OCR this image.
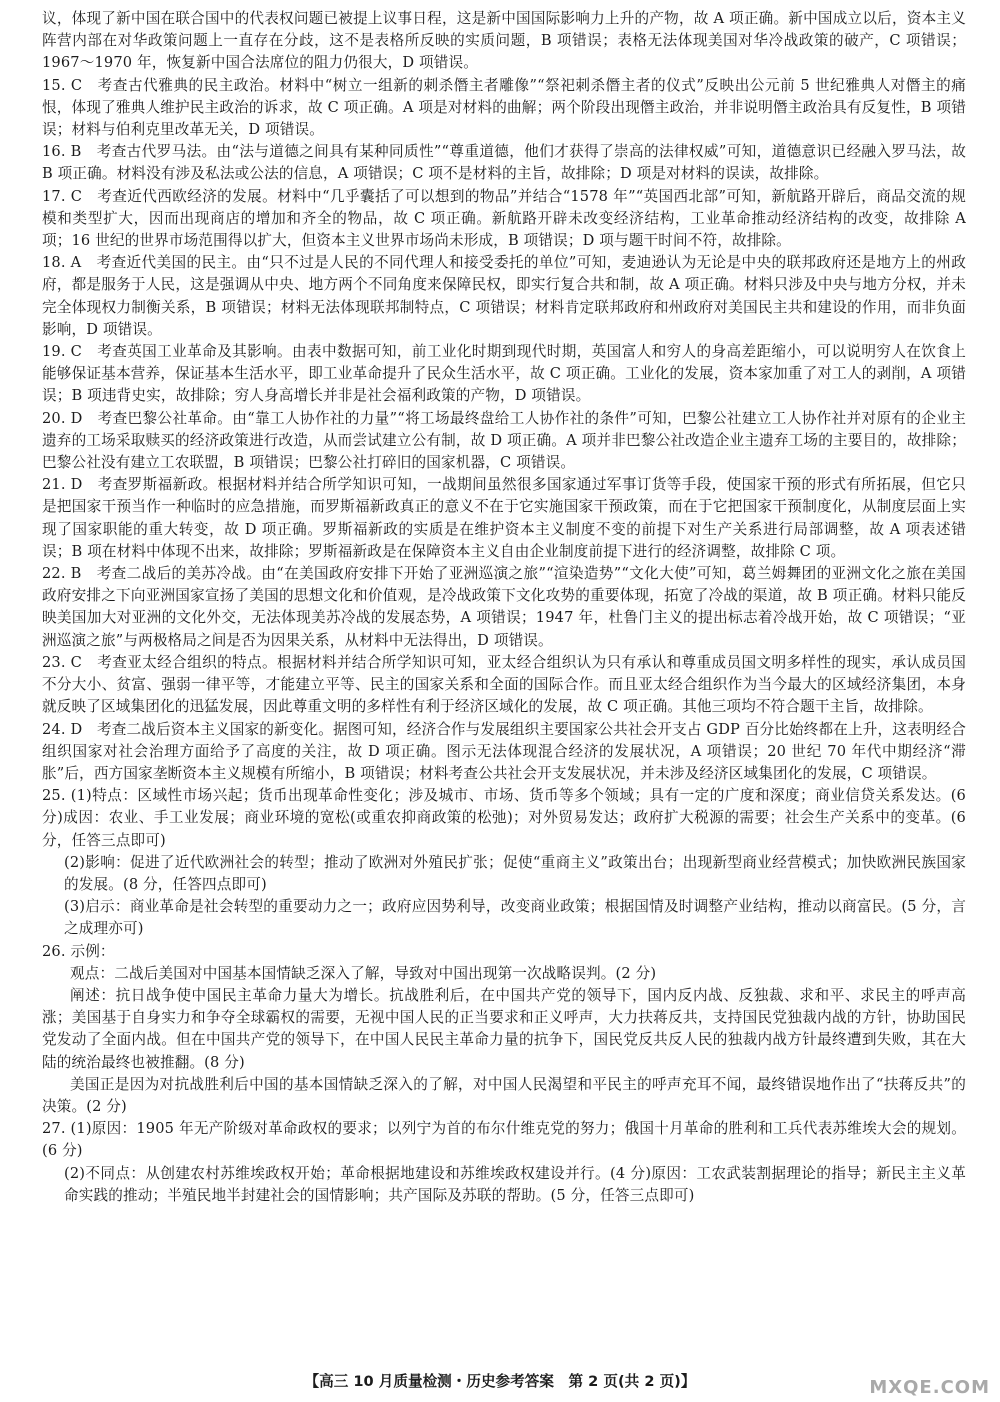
议，体现了新中国在联合国中的代表权问题已被提上议事日程，这是新中国国际影响力上升的产物，故 A 项正确。新中国成立以后，资本主义阵营内部在对华政策问题上一直存在分歧，这不是表格所反映的实质问题，B 项错误；表格无法体现美国对华冷战政策的破产，C 项错误；1967～1970 年，恢复新中国合法席位的阻力仍很大，D 项错误。

15. C　考查古代雅典的民主政治。材料中“树立一组新的刺杀僭主者雕像”“祭祀刺杀僭主者的仪式”反映出公元前 5 世纪雅典人对僭主的痛恨，体现了雅典人维护民主政治的诉求，故 C 项正确。A 项是对材料的曲解；两个阶段出现僭主政治，并非说明僭主政治具有反复性，B 项错误；材料与伯利克里改革无关，D 项错误。
16. B　考查古代罗马法。由“法与道德之间具有某种同质性”“尊重道德，他们才获得了崇高的法律权威”可知，道德意识已经融入罗马法，故 B 项正确。材料没有涉及私法或公法的信息，A 项错误；C 项不是材料的主旨，故排除；D 项是对材料的误读，故排除。
17. C　考查近代西欧经济的发展。材料中“几乎囊括了可以想到的物品”并结合“1578 年”“英国西北部”可知，新航路开辟后，商品交流的规模和类型扩大，因而出现商店的增加和齐全的物品，故 C 项正确。新航路开辟未改变经济结构，工业革命推动经济结构的改变，故排除 A 项；16 世纪的世界市场范围得以扩大，但资本主义世界市场尚未形成，B 项错误；D 项与题干时间不符，故排除。
18. A　考查近代美国的民主。由“只不过是人民的不同代理人和接受委托的单位”可知，麦迪逊认为无论是中央的联邦政府还是地方上的州政府，都是服务于人民，这是强调从中央、地方两个不同角度来保障民权，即实行复合共和制，故 A 项正确。材料只涉及中央与地方分权，并未完全体现权力制衡关系，B 项错误；材料无法体现联邦制特点，C 项错误；材料肯定联邦政府和州政府对美国民主共和建设的作用，而非负面影响，D 项错误。
19. C　考查英国工业革命及其影响。由表中数据可知，前工业化时期到现代时期，英国富人和穷人的身高差距缩小，可以说明穷人在饮食上能够保证基本营养，保证基本生活水平，即工业革命提升了民众生活水平，故 C 项正确。工业化的发展，资本家加重了对工人的剥削，A 项错误；B 项违背史实，故排除；穷人身高增长并非是社会福利政策的产物，D 项错误。
20. D　考查巴黎公社革命。由“靠工人协作社的力量”“将工场最终盘给工人协作社的条件”可知，巴黎公社建立工人协作社并对原有的企业主遗弃的工场采取赎买的经济政策进行改造，从而尝试建立公有制，故 D 项正确。A 项并非巴黎公社改造企业主遗弃工场的主要目的，故排除；巴黎公社没有建立工农联盟，B 项错误；巴黎公社打碎旧的国家机器，C 项错误。
21. D　考查罗斯福新政。根据材料并结合所学知识可知，一战期间虽然很多国家通过军事订货等手段，使国家干预的形式有所拓展，但它只是把国家干预当作一种临时的应急措施，而罗斯福新政真正的意义不在于它实施国家干预政策，而在于它把国家干预制度化，从制度层面上实现了国家职能的重大转变，故 D 项正确。罗斯福新政的实质是在维护资本主义制度不变的前提下对生产关系进行局部调整，故 A 项表述错误；B 项在材料中体现不出来，故排除；罗斯福新政是在保障资本主义自由企业制度前提下进行的经济调整，故排除 C 项。
22. B　考查二战后的美苏冷战。由“在美国政府安排下开始了亚洲巡演之旅”“渲染造势”“文化大使”可知，葛兰姆舞团的亚洲文化之旅在美国政府安排之下向亚洲国家宣扬了美国的思想文化和价值观，是冷战政策下文化攻势的重要体现，拓宽了冷战的渠道，故 B 项正确。材料只能反映美国加大对亚洲的文化外交，无法体现美苏冷战的发展态势，A 项错误；1947 年，杜鲁门主义的提出标志着冷战开始，故 C 项错误；“亚洲巡演之旅”与两极格局之间是否为因果关系，从材料中无法得出，D 项错误。
23. C　考查亚太经合组织的特点。根据材料并结合所学知识可知，亚太经合组织认为只有承认和尊重成员国文明多样性的现实，承认成员国不分大小、贫富、强弱一律平等，才能建立平等、民主的国家关系和全面的国际合作。而且亚太经合组织作为当今最大的区域经济集团，本身就反映了区域集团化的迅猛发展，因此尊重文明的多样性有利于经济区域化的发展，故 C 项正确。其他三项均不符合题干主旨，故排除。
24. D　考查二战后资本主义国家的新变化。据图可知，经济合作与发展组织主要国家公共社会开支占 GDP 百分比始终都在上升，这表明经合组织国家对社会治理方面给予了高度的关注，故 D 项正确。图示无法体现混合经济的发展状况，A 项错误；20 世纪 70 年代中期经济“滞胀”后，西方国家垄断资本主义规模有所缩小，B 项错误；材料考查公共社会开支发展状况，并未涉及经济区域集团化的发展，C 项错误。
25. (1)特点：区域性市场兴起；货币出现革命性变化；涉及城市、市场、货币等多个领域；具有一定的广度和深度；商业信贷关系发达。(6 分)成因：农业、手工业发展；商业环境的宽松(或重农抑商政策的松弛)；对外贸易发达；政府扩大税源的需要；社会生产关系中的变革。(6 分，任答三点即可)
(2)影响：促进了近代欧洲社会的转型；推动了欧洲对外殖民扩张；促使“重商主义”政策出台；出现新型商业经营模式；加快欧洲民族国家的发展。(8 分，任答四点即可)
(3)启示：商业革命是社会转型的重要动力之一；政府应因势利导，改变商业政策；根据国情及时调整产业结构，推动以商富民。(5 分，言之成理亦可)
26. 示例：
观点：二战后美国对中国基本国情缺乏深入了解，导致对中国出现第一次战略误判。(2 分)
阐述：抗日战争使中国民主革命力量大为增长。抗战胜利后，在中国共产党的领导下，国内反内战、反独裁、求和平、求民主的呼声高涨；美国基于自身实力和争夺全球霸权的需要，无视中国人民的正当要求和正义呼声，大力扶蒋反共，支持国民党独裁内战的方针，协助国民党发动了全面内战。但在中国共产党的领导下，在中国人民民主革命力量的抗争下，国民党反共反人民的独裁内战方针最终遭到失败，其在大陆的统治最终也被推翻。(8 分)
美国正是因为对抗战胜利后中国的基本国情缺乏深入的了解，对中国人民渴望和平民主的呼声充耳不闻，最终错误地作出了“扶蒋反共”的决策。(2 分)
27. (1)原因：1905 年无产阶级对革命政权的要求；以列宁为首的布尔什维克党的努力；俄国十月革命的胜利和工兵代表苏维埃大会的规划。(6 分)
(2)不同点：从创建农村苏维埃政权开始；革命根据地建设和苏维埃政权建设并行。(4 分)原因：工农武装割据理论的指导；新民主主义革命实践的推动；半殖民地半封建社会的国情影响；共产国际及苏联的帮助。(5 分，任答三点即可)
【高三 10 月质量检测・历史参考答案　第 2 页(共 2 页)】	MXQE.COM
